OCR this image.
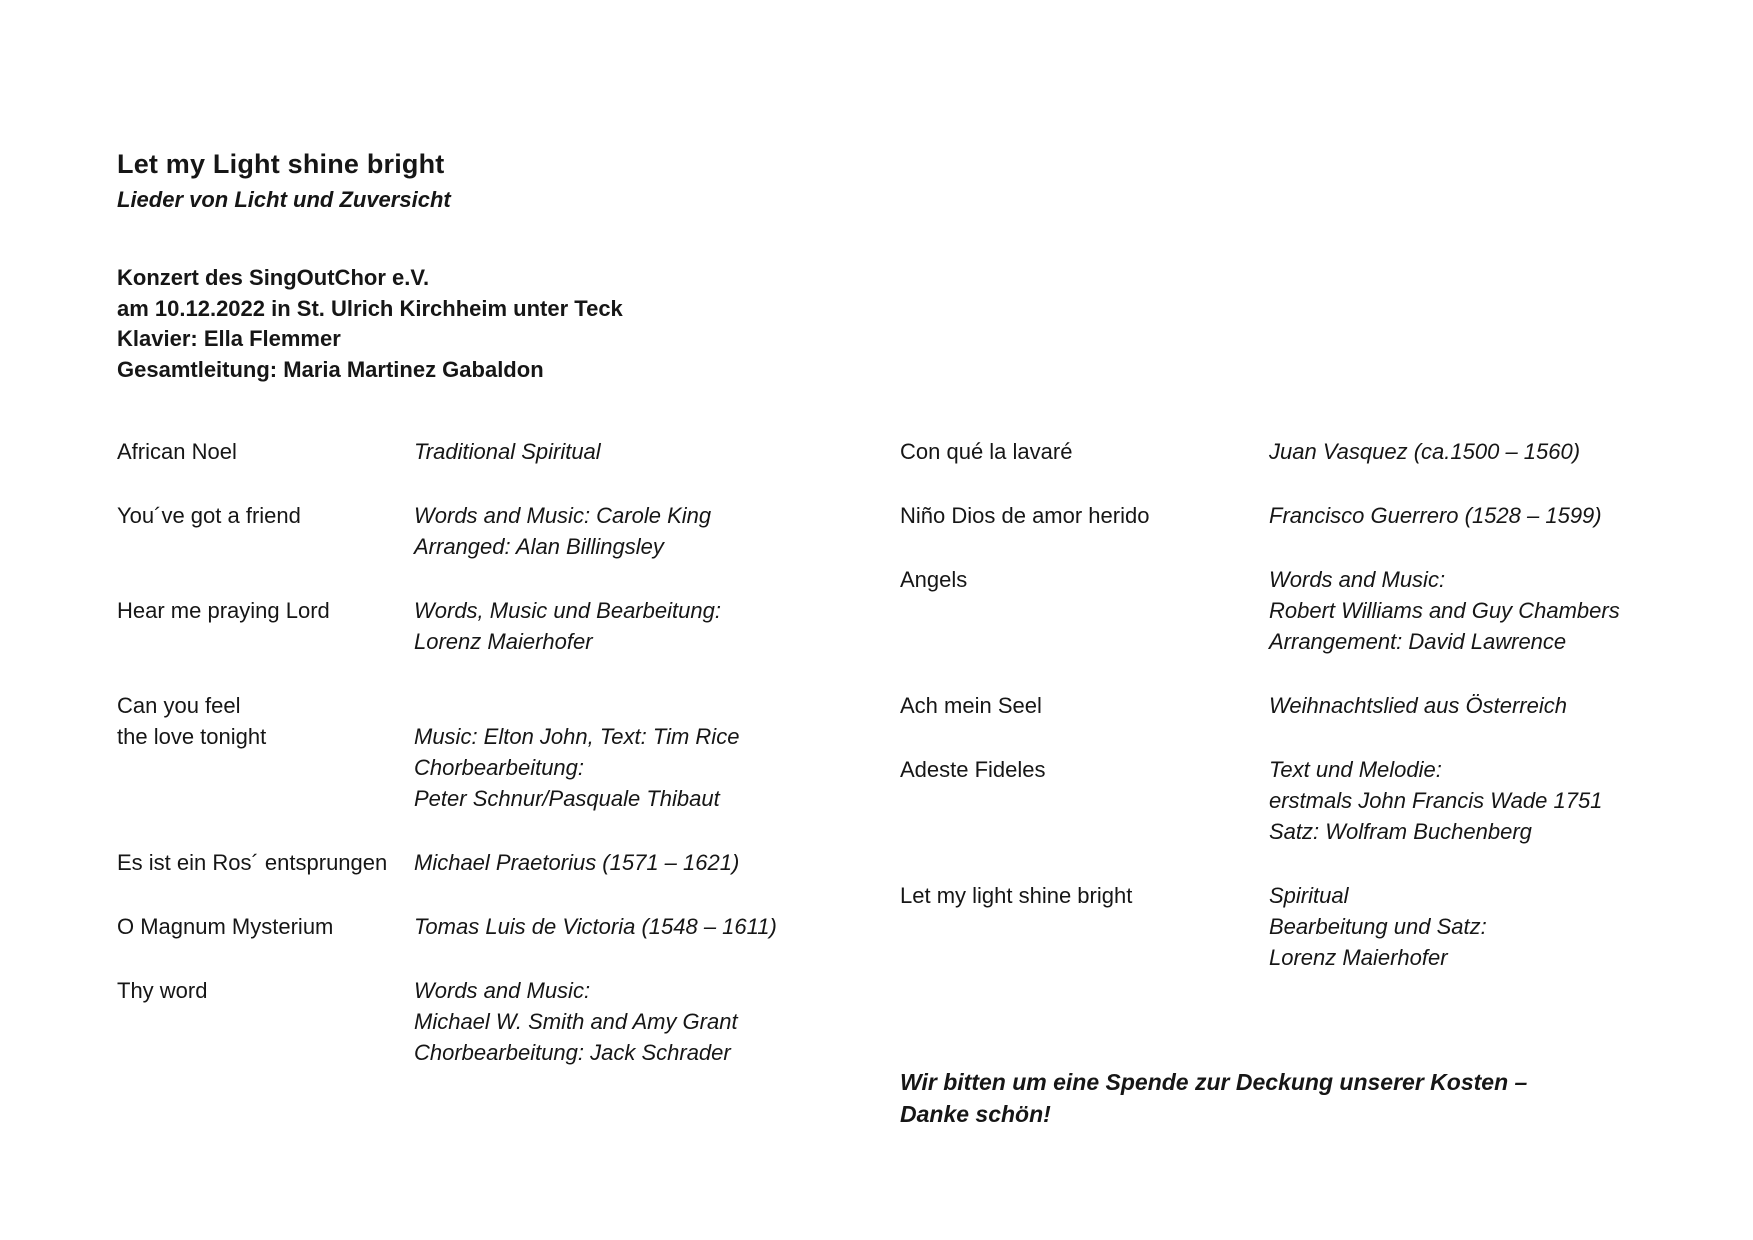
Let my Light shine bright
Lieder von Licht und Zuversicht
Konzert des SingOutChor e.V.
am 10.12.2022 in St. Ulrich Kirchheim unter Teck
Klavier: Ella Flemmer
Gesamtleitung: Maria Martinez Gabaldon
African Noel	Traditional Spiritual
You´ve got a friend	Words and Music: Carole King
Arranged: Alan Billingsley
Hear me praying Lord	Words, Music und Bearbeitung:
Lorenz Maierhofer
Can you feel
the love tonight
	Music: Elton John, Text: Tim Rice
Chorbearbeitung:
Peter Schnur/Pasquale Thibaut
Es ist ein Ros´ entsprungen	Michael Praetorius (1571 – 1621)
O Magnum Mysterium	Tomas Luis de Victoria (1548 – 1611)
Thy word	Words and Music:
Michael W. Smith and Amy Grant
Chorbearbeitung: Jack Schrader
Con qué la lavaré	Juan Vasquez (ca.1500 – 1560)
Niño Dios de amor herido	Francisco Guerrero (1528 – 1599)
Angels	Words and Music:
Robert Williams and Guy Chambers
Arrangement: David Lawrence
Ach mein Seel	Weihnachtslied aus Österreich
Adeste Fideles	Text und Melodie:
erstmals John Francis Wade 1751
Satz: Wolfram Buchenberg
Let my light shine bright	Spiritual
Bearbeitung und Satz:
Lorenz Maierhofer
Wir bitten um eine Spende zur Deckung unserer Kosten –
Danke schön!
